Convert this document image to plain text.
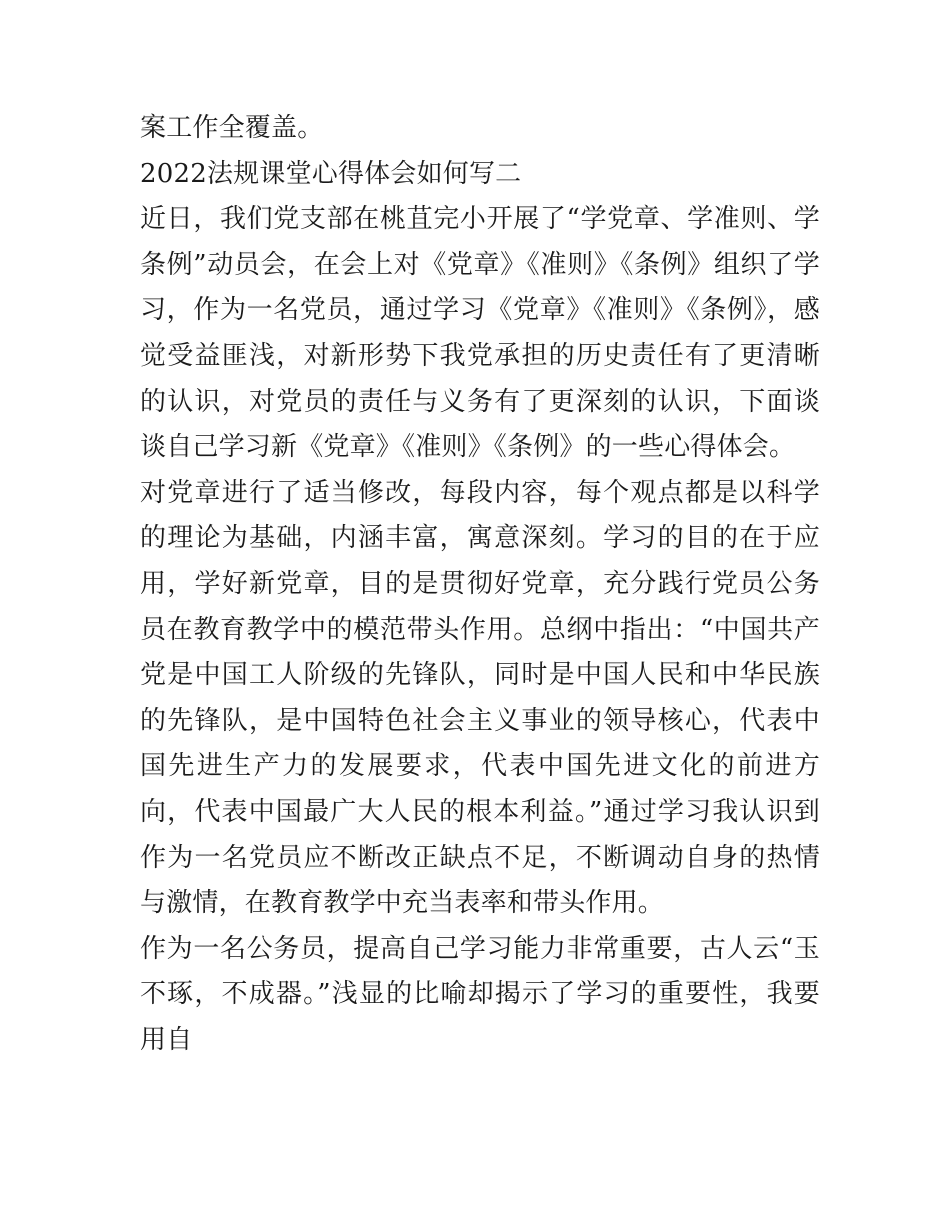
案工作全覆盖。

2022法规课堂心得体会如何写二

近日，我们党支部在桃苴完小开展了“学党章、学准则、学条例”动员会，在会上对《党章》《准则》《条例》组织了学习，作为一名党员，通过学习《党章》《准则》《条例》，感觉受益匪浅，对新形势下我党承担的历史责任有了更清晰的认识，对党员的责任与义务有了更深刻的认识，下面谈谈自己学习新《党章》《准则》《条例》的一些心得体会。

对党章进行了适当修改，每段内容，每个观点都是以科学的理论为基础，内涵丰富，寓意深刻。学习的目的在于应用，学好新党章，目的是贯彻好党章，充分践行党员公务员在教育教学中的模范带头作用。总纲中指出：“中国共产党是中国工人阶级的先锋队，同时是中国人民和中华民族的先锋队，是中国特色社会主义事业的领导核心，代表中国先进生产力的发展要求，代表中国先进文化的前进方向，代表中国最广大人民的根本利益。”通过学习我认识到作为一名党员应不断改正缺点不足，不断调动自身的热情与激情，在教育教学中充当表率和带头作用。

作为一名公务员，提高自己学习能力非常重要，古人云“玉不琢，不成器。”浅显的比喻却揭示了学习的重要性，我要用自
